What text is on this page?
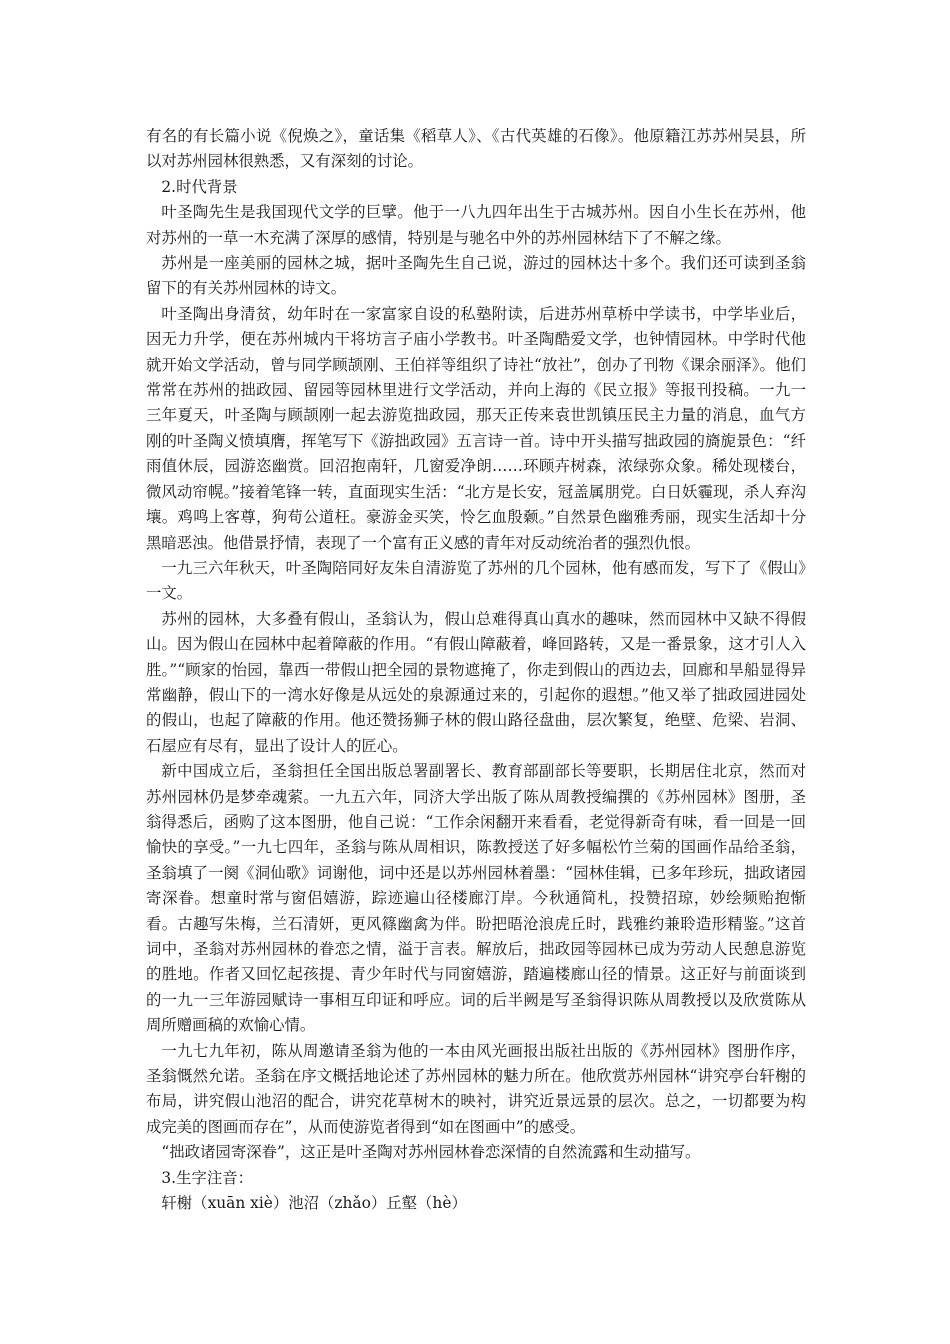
有名的有长篇小说《倪焕之》，童话集《稻草人》、《古代英雄的石像》。他原籍江苏苏州吴县，所以对苏州园林很熟悉，又有深刻的讨论。

2.时代背景

叶圣陶先生是我国现代文学的巨擘。他于一八九四年出生于古城苏州。因自小生长在苏州，他对苏州的一草一木充满了深厚的感情，特别是与驰名中外的苏州园林结下了不解之缘。

苏州是一座美丽的园林之城，据叶圣陶先生自己说，游过的园林达十多个。我们还可读到圣翁留下的有关苏州园林的诗文。

叶圣陶出身清贫，幼年时在一家富家自设的私塾附读，后进苏州草桥中学读书，中学毕业后，因无力升学，便在苏州城内干将坊言子庙小学教书。叶圣陶酷爱文学，也钟情园林。中学时代他就开始文学活动，曾与同学顾颉刚、王伯祥等组织了诗社“放社”，创办了刊物《课余丽泽》。他们常常在苏州的拙政园、留园等园林里进行文学活动，并向上海的《民立报》等报刊投稿。一九一三年夏天，叶圣陶与顾颉刚一起去游览拙政园，那天正传来袁世凯镇压民主力量的消息，血气方刚的叶圣陶义愤填膺，挥笔写下《游拙政园》五言诗一首。诗中开头描写拙政园的旖旎景色：“纤雨值休辰，园游恣幽赏。回沼抱南轩，几窗爱净朗……环顾卉树森，浓绿弥众象。稀处现楼台，微风动帘幌。”接着笔锋一转，直面现实生活：“北方是长安，冠盖属朋党。白日妖霾现，杀人弃沟壤。鸡鸣上客尊，狗苟公道枉。豪游金买笑，怜乞血殷颡。”自然景色幽雅秀丽，现实生活却十分黑暗恶浊。他借景抒情，表现了一个富有正义感的青年对反动统治者的强烈仇恨。

一九三六年秋天，叶圣陶陪同好友朱自清游览了苏州的几个园林，他有感而发，写下了《假山》一文。

苏州的园林，大多叠有假山，圣翁认为，假山总难得真山真水的趣味，然而园林中又缺不得假山。因为假山在园林中起着障蔽的作用。“有假山障蔽着，峰回路转，又是一番景象，这才引人入胜。”“顾家的怡园，靠西一带假山把全园的景物遮掩了，你走到假山的西边去，回廊和旱船显得异常幽静，假山下的一湾水好像是从远处的泉源通过来的，引起你的遐想。”他又举了拙政园进园处的假山，也起了障蔽的作用。他还赞扬狮子林的假山路径盘曲，层次繁复，绝壁、危梁、岩洞、石屋应有尽有，显出了设计人的匠心。

新中国成立后，圣翁担任全国出版总署副署长、教育部副部长等要职，长期居住北京，然而对苏州园林仍是梦牵魂萦。一九五六年，同济大学出版了陈从周教授编撰的《苏州园林》图册，圣翁得悉后，函购了这本图册，他自己说：“工作余闲翻开来看看，老觉得新奇有味，看一回是一回愉快的享受。”一九七四年，圣翁与陈从周相识，陈教授送了好多幅松竹兰菊的国画作品给圣翁，圣翁填了一阕《洞仙歌》词谢他，词中还是以苏州园林着墨：“园林佳辑，已多年珍玩，拙政诸园寄深眷。想童时常与窗侣嬉游，踪迹遍山径楼廊汀岸。今秋通简札，投赞招琼，妙绘频贻抱惭看。古趣写朱梅，兰石清妍，更风篠幽禽为伴。盼把晤沧浪虎丘时，践雅约兼聆造形精鉴。”这首词中，圣翁对苏州园林的眷恋之情，溢于言表。解放后，拙政园等园林已成为劳动人民憩息游览的胜地。作者又回忆起孩提、青少年时代与同窗嬉游，踏遍楼廊山径的情景。这正好与前面谈到的一九一三年游园赋诗一事相互印证和呼应。词的后半阙是写圣翁得识陈从周教授以及欣赏陈从周所赠画稿的欢愉心情。

一九七九年初，陈从周邀请圣翁为他的一本由风光画报出版社出版的《苏州园林》图册作序，圣翁慨然允诺。圣翁在序文概括地论述了苏州园林的魅力所在。他欣赏苏州园林“讲究亭台轩榭的布局，讲究假山池沼的配合，讲究花草树木的映衬，讲究近景远景的层次。总之，一切都要为构成完美的图画而存在”，从而使游览者得到“如在图画中”的感受。

“拙政诸园寄深眷”，这正是叶圣陶对苏州园林眷恋深情的自然流露和生动描写。

3.生字注音：

轩榭（xuān xiè）池沼（zhǎo）丘壑（hè）
